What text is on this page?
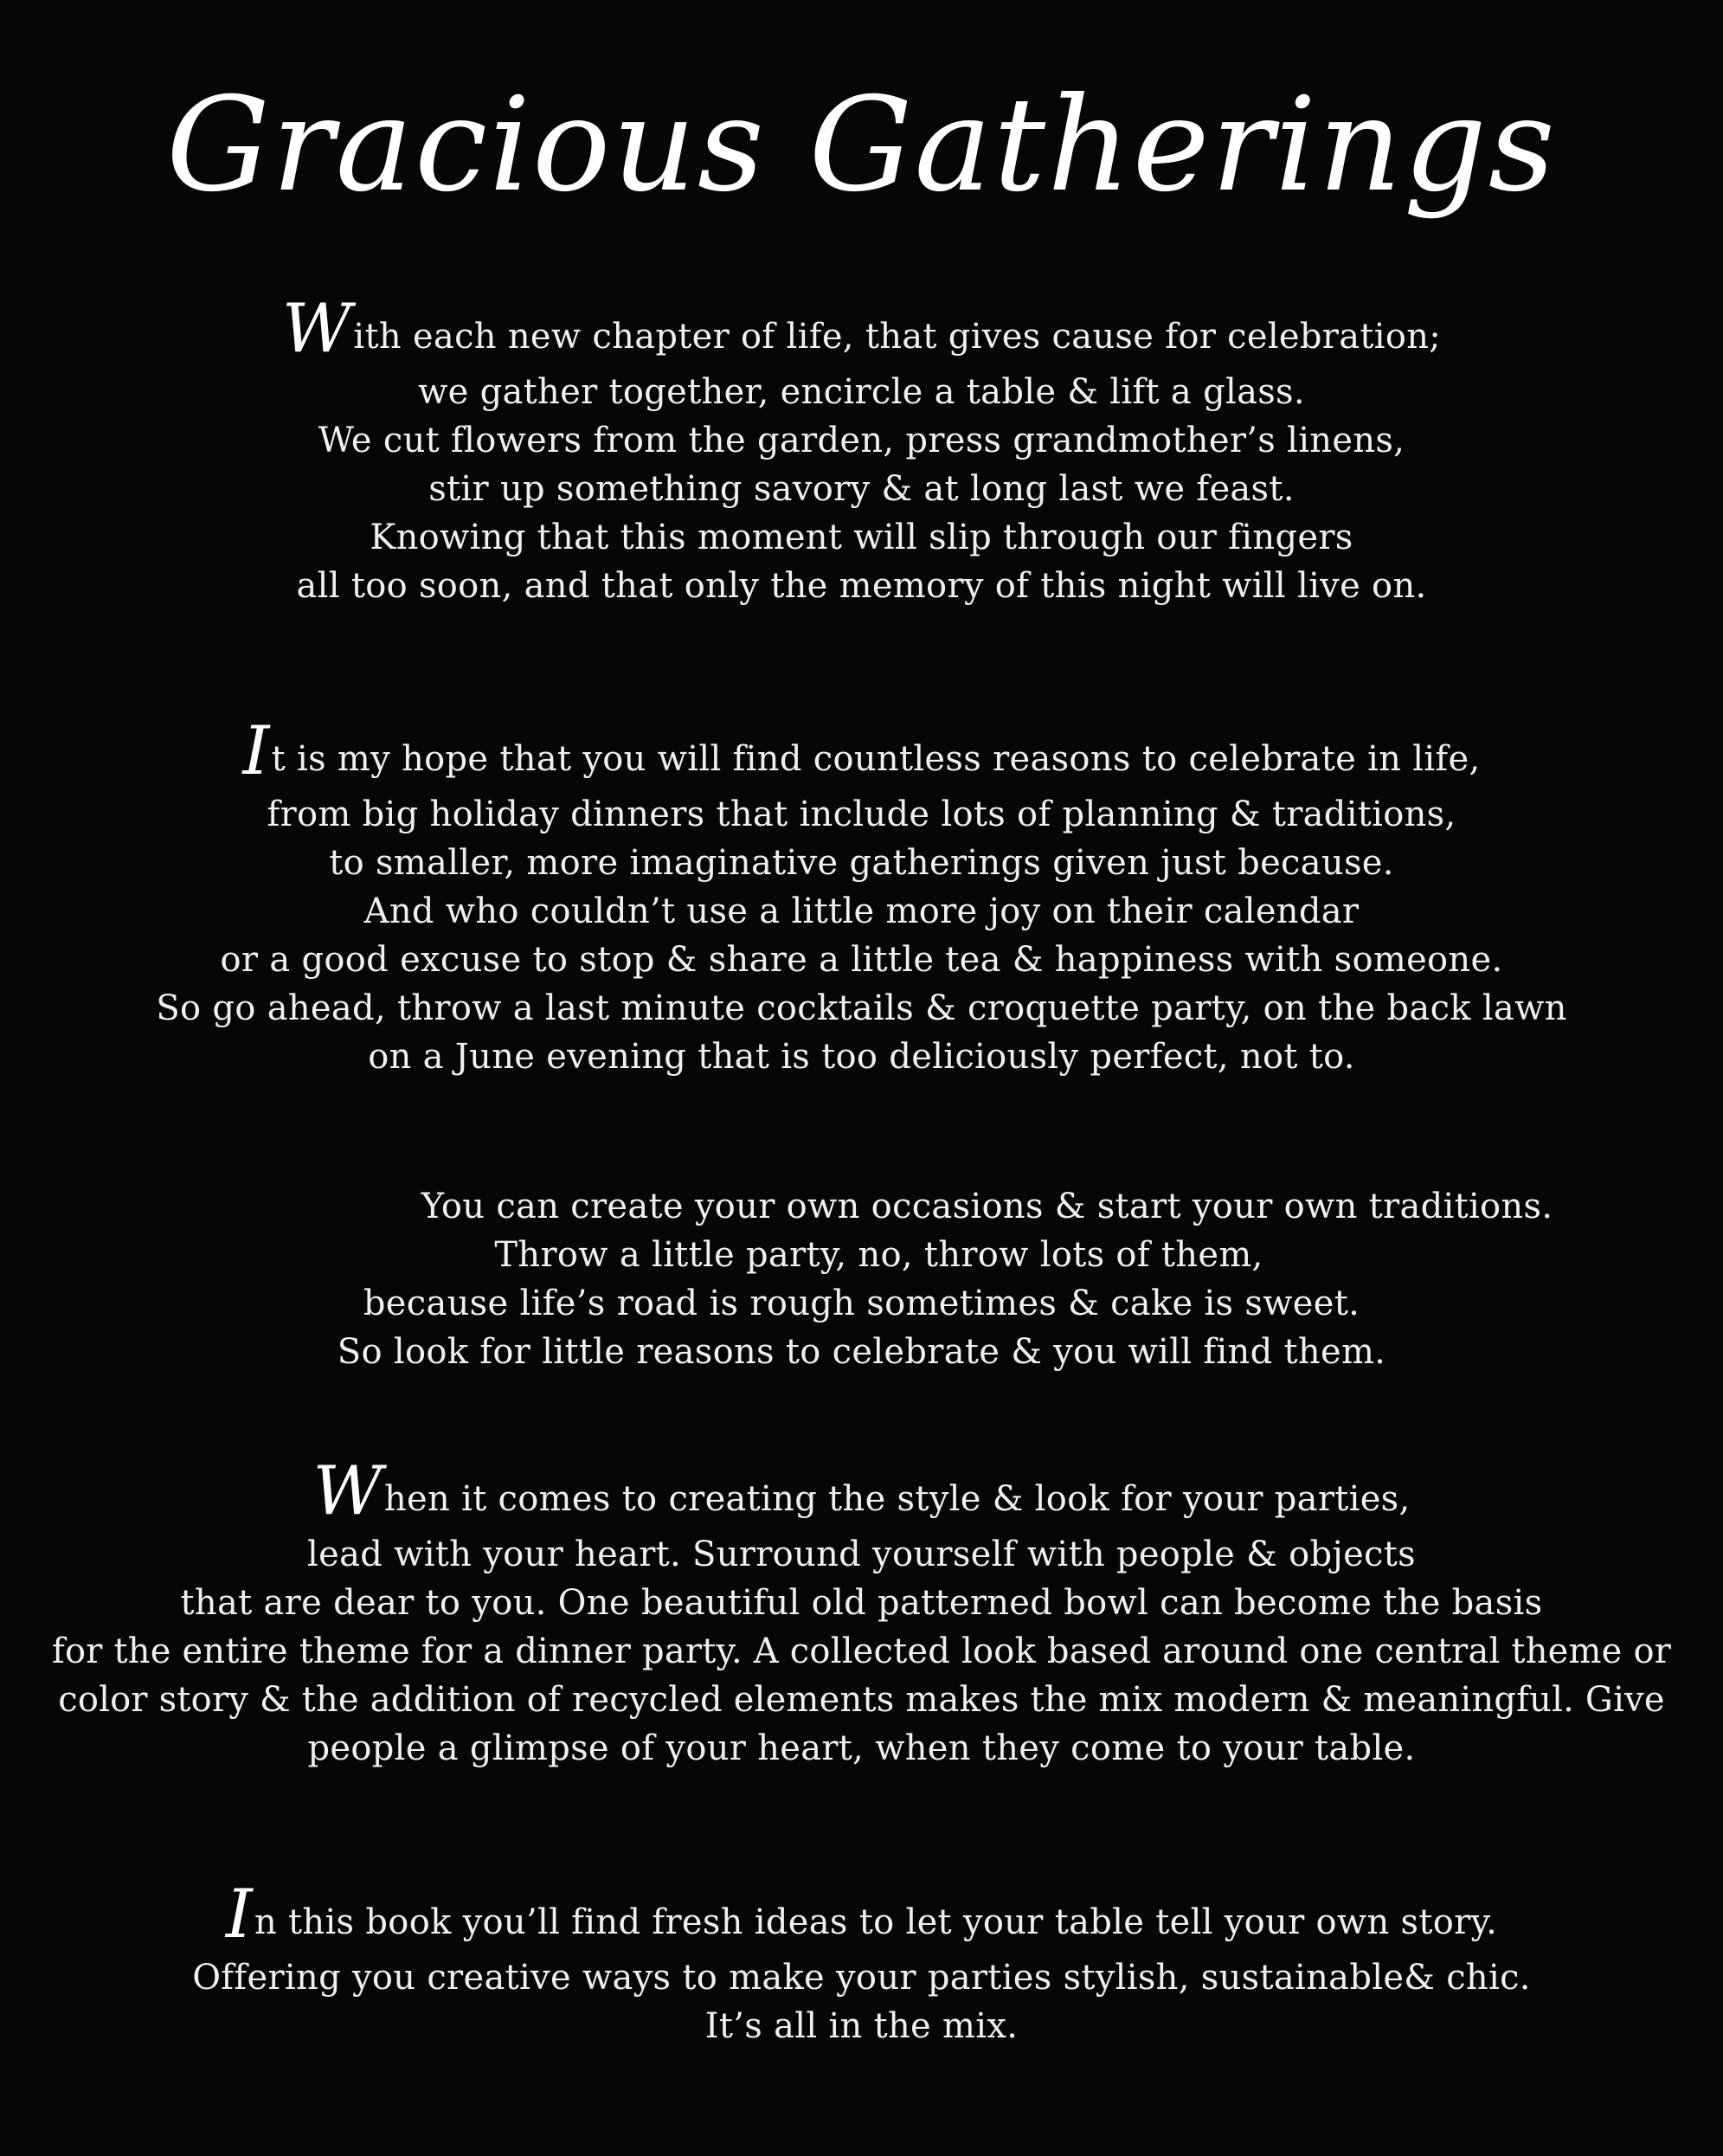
Gracious Gatherings
With each new chapter of life, that gives cause for celebration;
we gather together, encircle a table & lift a glass.
We cut flowers from the garden, press grandmother’s linens,
stir up something savory & at long last we feast.
Knowing that this moment will slip through our fingers
all too soon, and that only the memory of this night will live on.
It is my hope that you will find countless reasons to celebrate in life,
from big holiday dinners that include lots of planning & traditions,
to smaller, more imaginative gatherings given just because.
And who couldn’t use a little more joy on their calendar
or a good excuse to stop & share a little tea & happiness with someone.
So go ahead, throw a last minute cocktails & croquette party, on the back lawn
on a June evening that is too deliciously perfect, not to.
You can create your own occasions & start your own traditions.
Throw a little party, no, throw lots of them,
because life’s road is rough sometimes & cake is sweet.
So look for little reasons to celebrate & you will find them.
When it comes to creating the style & look for your parties,
lead with your heart. Surround yourself with people & objects
that are dear to you. One beautiful old patterned bowl can become the basis
for the entire theme for a dinner party. A collected look based around one central theme or
color story & the addition of recycled elements makes the mix modern & meaningful. Give
people a glimpse of your heart, when they come to your table.
In this book you’ll find fresh ideas to let your table tell your own story.
Offering you creative ways to make your parties stylish, sustainable& chic.
It’s all in the mix.
